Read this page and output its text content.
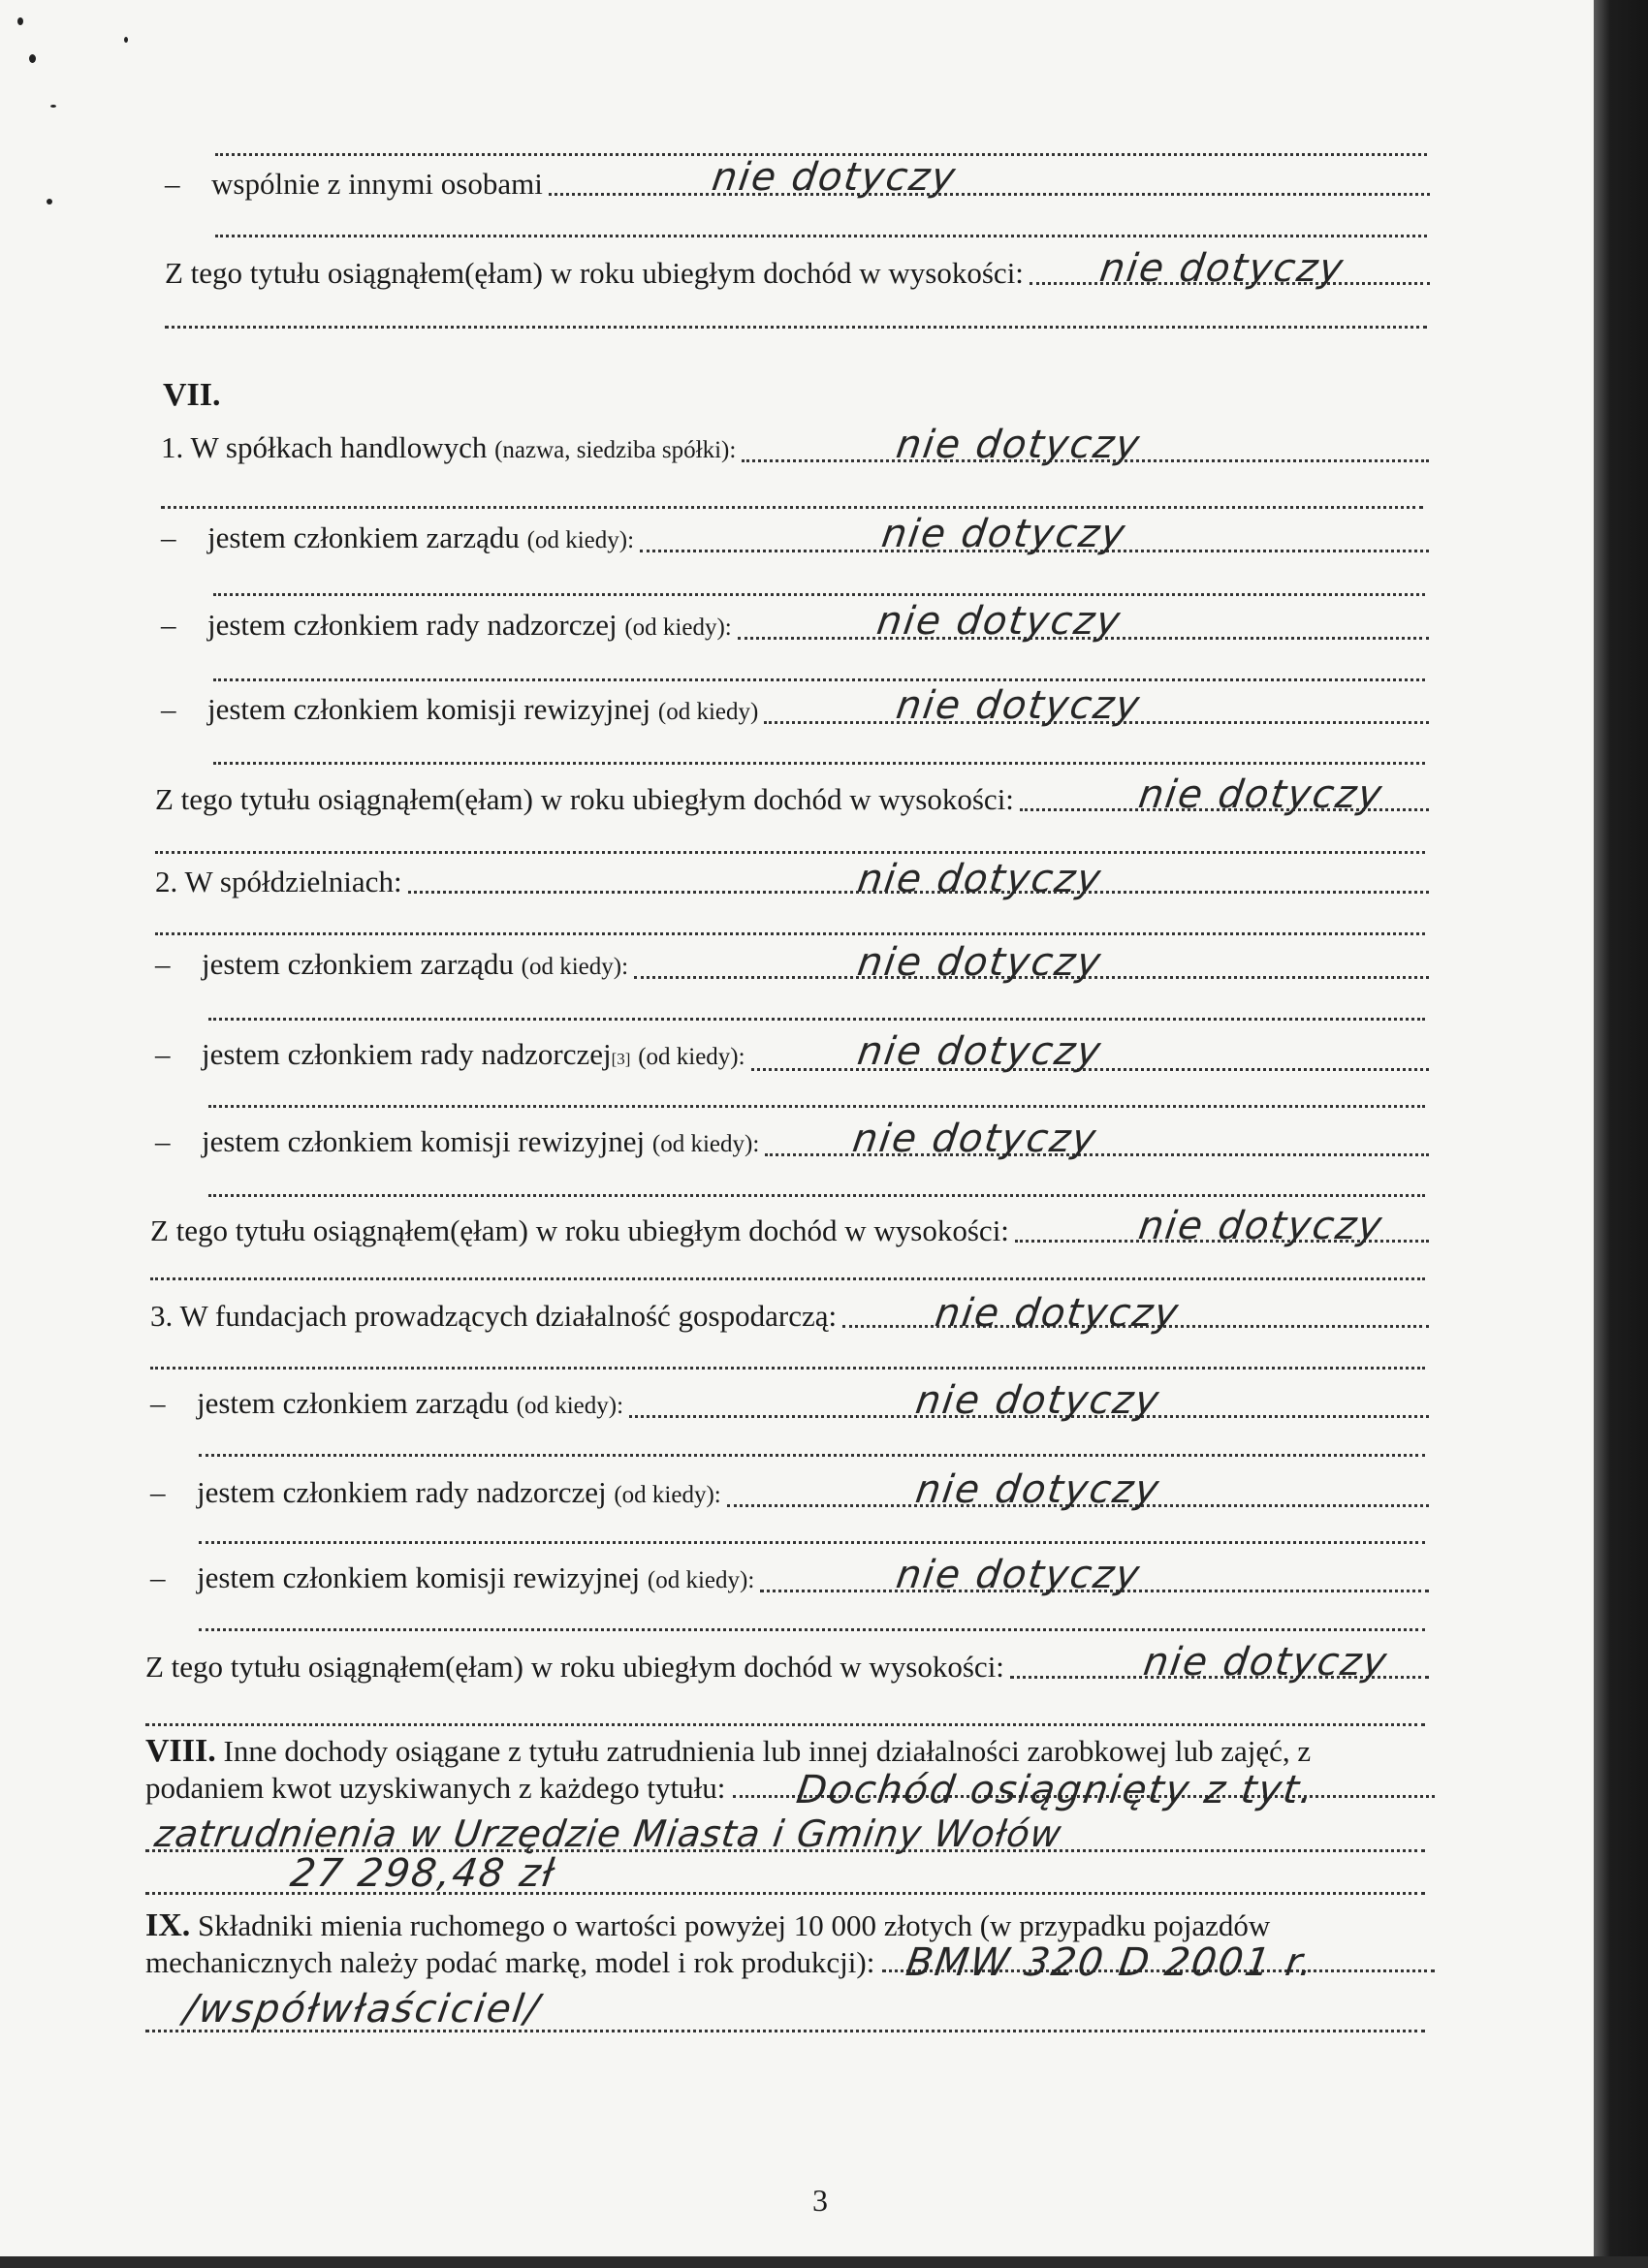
–	wspólnie z innymi osobami	nie dotyczy
Z tego tytułu osiągnąłem(ęłam) w roku ubiegłym dochód w wysokości: nie dotyczy
VII.
1. W spółkach handlowych
(nazwa, siedziba spółki):	nie dotyczy
–	jestem członkiem zarządu
(od kiedy):	nie dotyczy
–	jestem członkiem rady nadzorczej
(od kiedy):	nie dotyczy
–	jestem członkiem komisji rewizyjnej
(od kiedy)	nie dotyczy
Z tego tytułu osiągnąłem(ęłam) w roku ubiegłym dochód w wysokości:	nie dotyczy
2. W spółdzielniach:	nie dotyczy
–	jestem członkiem zarządu
(od kiedy):	nie dotyczy
–	jestem członkiem rady nadzorczej [3]
(od kiedy):	nie dotyczy
–	jestem członkiem komisji rewizyjnej
(od kiedy): nie dotyczy
Z tego tytułu osiągnąłem(ęłam) w roku ubiegłym dochód w wysokości:	nie dotyczy
3. W fundacjach prowadzących działalność gospodarczą: nie dotyczy
–	jestem członkiem zarządu
(od kiedy):	nie dotyczy
–	jestem członkiem rady nadzorczej
(od kiedy):	nie dotyczy
–	jestem członkiem komisji rewizyjnej
(od kiedy):	nie dotyczy
Z tego tytułu osiągnąłem(ęłam) w roku ubiegłym dochód w wysokości:	nie dotyczy
VIII. Inne dochody osiągane z tytułu zatrudnienia lub innej działalności zarobkowej lub zajęć, z
podaniem kwot uzyskiwanych z każdego tytułu: Dochód osiągnięty z tyt.
zatrudnienia w Urzędzie Miasta i Gminy Wołów
27 298,48 zł
IX. Składniki mienia ruchomego o wartości powyżej 10 000 złotych (w przypadku pojazdów
mechanicznych należy podać markę, model i rok produkcji): BMW 320 D 2001 r.
/współwłaściciel/
3
